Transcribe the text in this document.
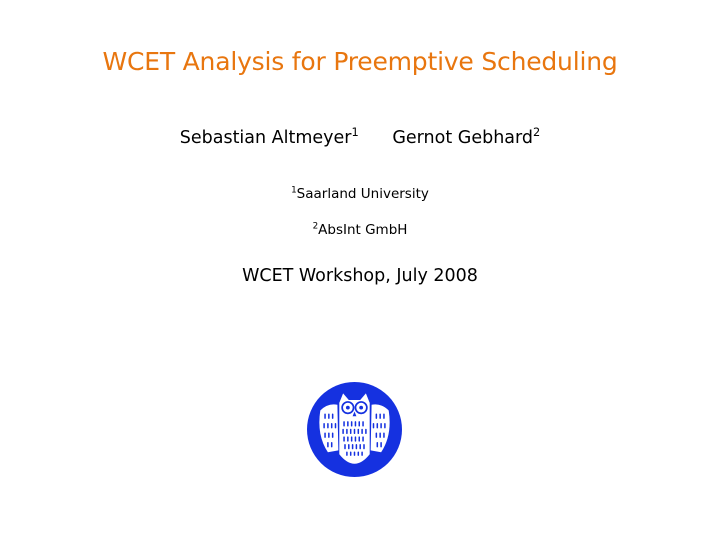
WCET Analysis for Preemptive Scheduling
Sebastian Altmeyer$^1$ Gernot Gebhard$^2$
$^1$Saarland University
$^2$AbsInt GmbH
WCET Workshop, July 2008
